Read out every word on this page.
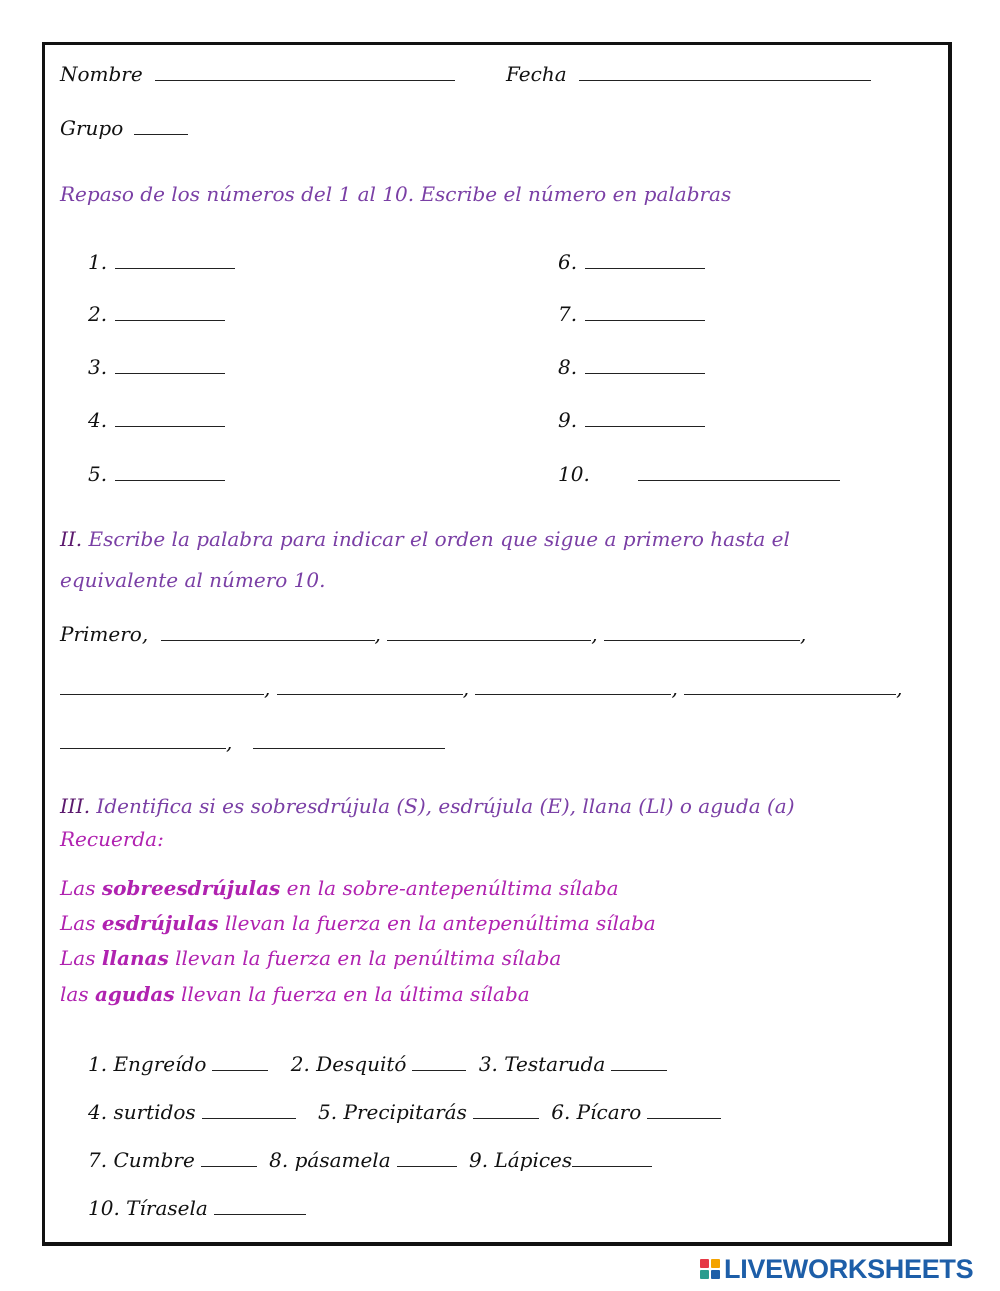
Nombre	Fecha
Grupo
Repaso de los números del 1 al 10. Escribe el número en palabras
1.
2.
3.
4.
5.
6.
7.
8.
9.
10.
II. Escribe la palabra para indicar el orden que sigue a primero hasta el
equivalente al número 10.
Primero,	,	,	,
,	,	,	,
,
III. Identifica si es sobresdrújula (S), esdrújula (E), llana (Ll) o aguda (a)
Recuerda:
Las sobreesdrújulas en la sobre-antepenúltima sílaba
Las esdrújulas llevan la fuerza en la antepenúltima sílaba
Las llanas llevan la fuerza en la penúltima sílaba
las agudas llevan la fuerza en la última sílaba
1. Engreído	2. Desquitó	3. Testaruda
4. surtidos	5. Precipitarás	6. Pícaro
7. Cumbre	8. pásamela	9. Lápices
10. Tírasela
LIVEWORKSHEETS
